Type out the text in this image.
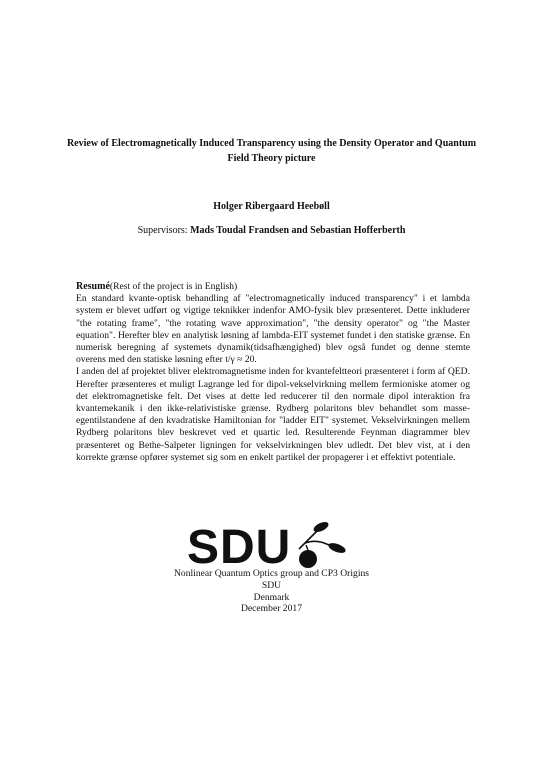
Review of Electromagnetically Induced Transparency using the Density Operator and Quantum Field Theory picture
Holger Ribergaard Heebøll
Supervisors: Mads Toudal Frandsen and Sebastian Hofferberth
Resumé(Rest of the project is in English)

En standard kvante-optisk behandling af "electromagnetically induced transparency" i et lambda system er blevet udført og vigtige teknikker indenfor AMO-fysik blev præsenteret. Dette inkluderer "the rotating frame", "the rotating wave approximation", "the density operator" og "the Master equation". Herefter blev en analytisk løsning af lambda-EIT systemet fundet i den statiske grænse. En numerisk beregning af systemets dynamik(tidsafhængighed) blev også fundet og denne stemte overens med den statiske løsning efter t/γ ≈ 20.

I anden del af projektet bliver elektromagnetisme inden for kvantefeltteori præsenteret i form af QED. Herefter præsenteres et muligt Lagrange led for dipol-vekselvirkning mellem fermioniske atomer og det elektromagnetiske felt. Det vises at dette led reducerer til den normale dipol interaktion fra kvantemekanik i den ikke-relativistiske grænse. Rydberg polaritons blev behandlet som masse-egentilstandene af den kvadratiske Hamiltonian for "ladder EIT" systemet. Vekselvirkningen mellem Rydberg polaritons blev beskrevet ved et quartic led. Resulterende Feynman diagrammer blev præsenteret og Bethe-Salpeter ligningen for vekselvirkningen blev udledt. Det blev vist, at i den korrekte grænse opfører systemet sig som en enkelt partikel der propagerer i et effektivt potentiale.

SDU
Nonlinear Quantum Optics group and CP3 Origins
SDU
Denmark
December 2017
